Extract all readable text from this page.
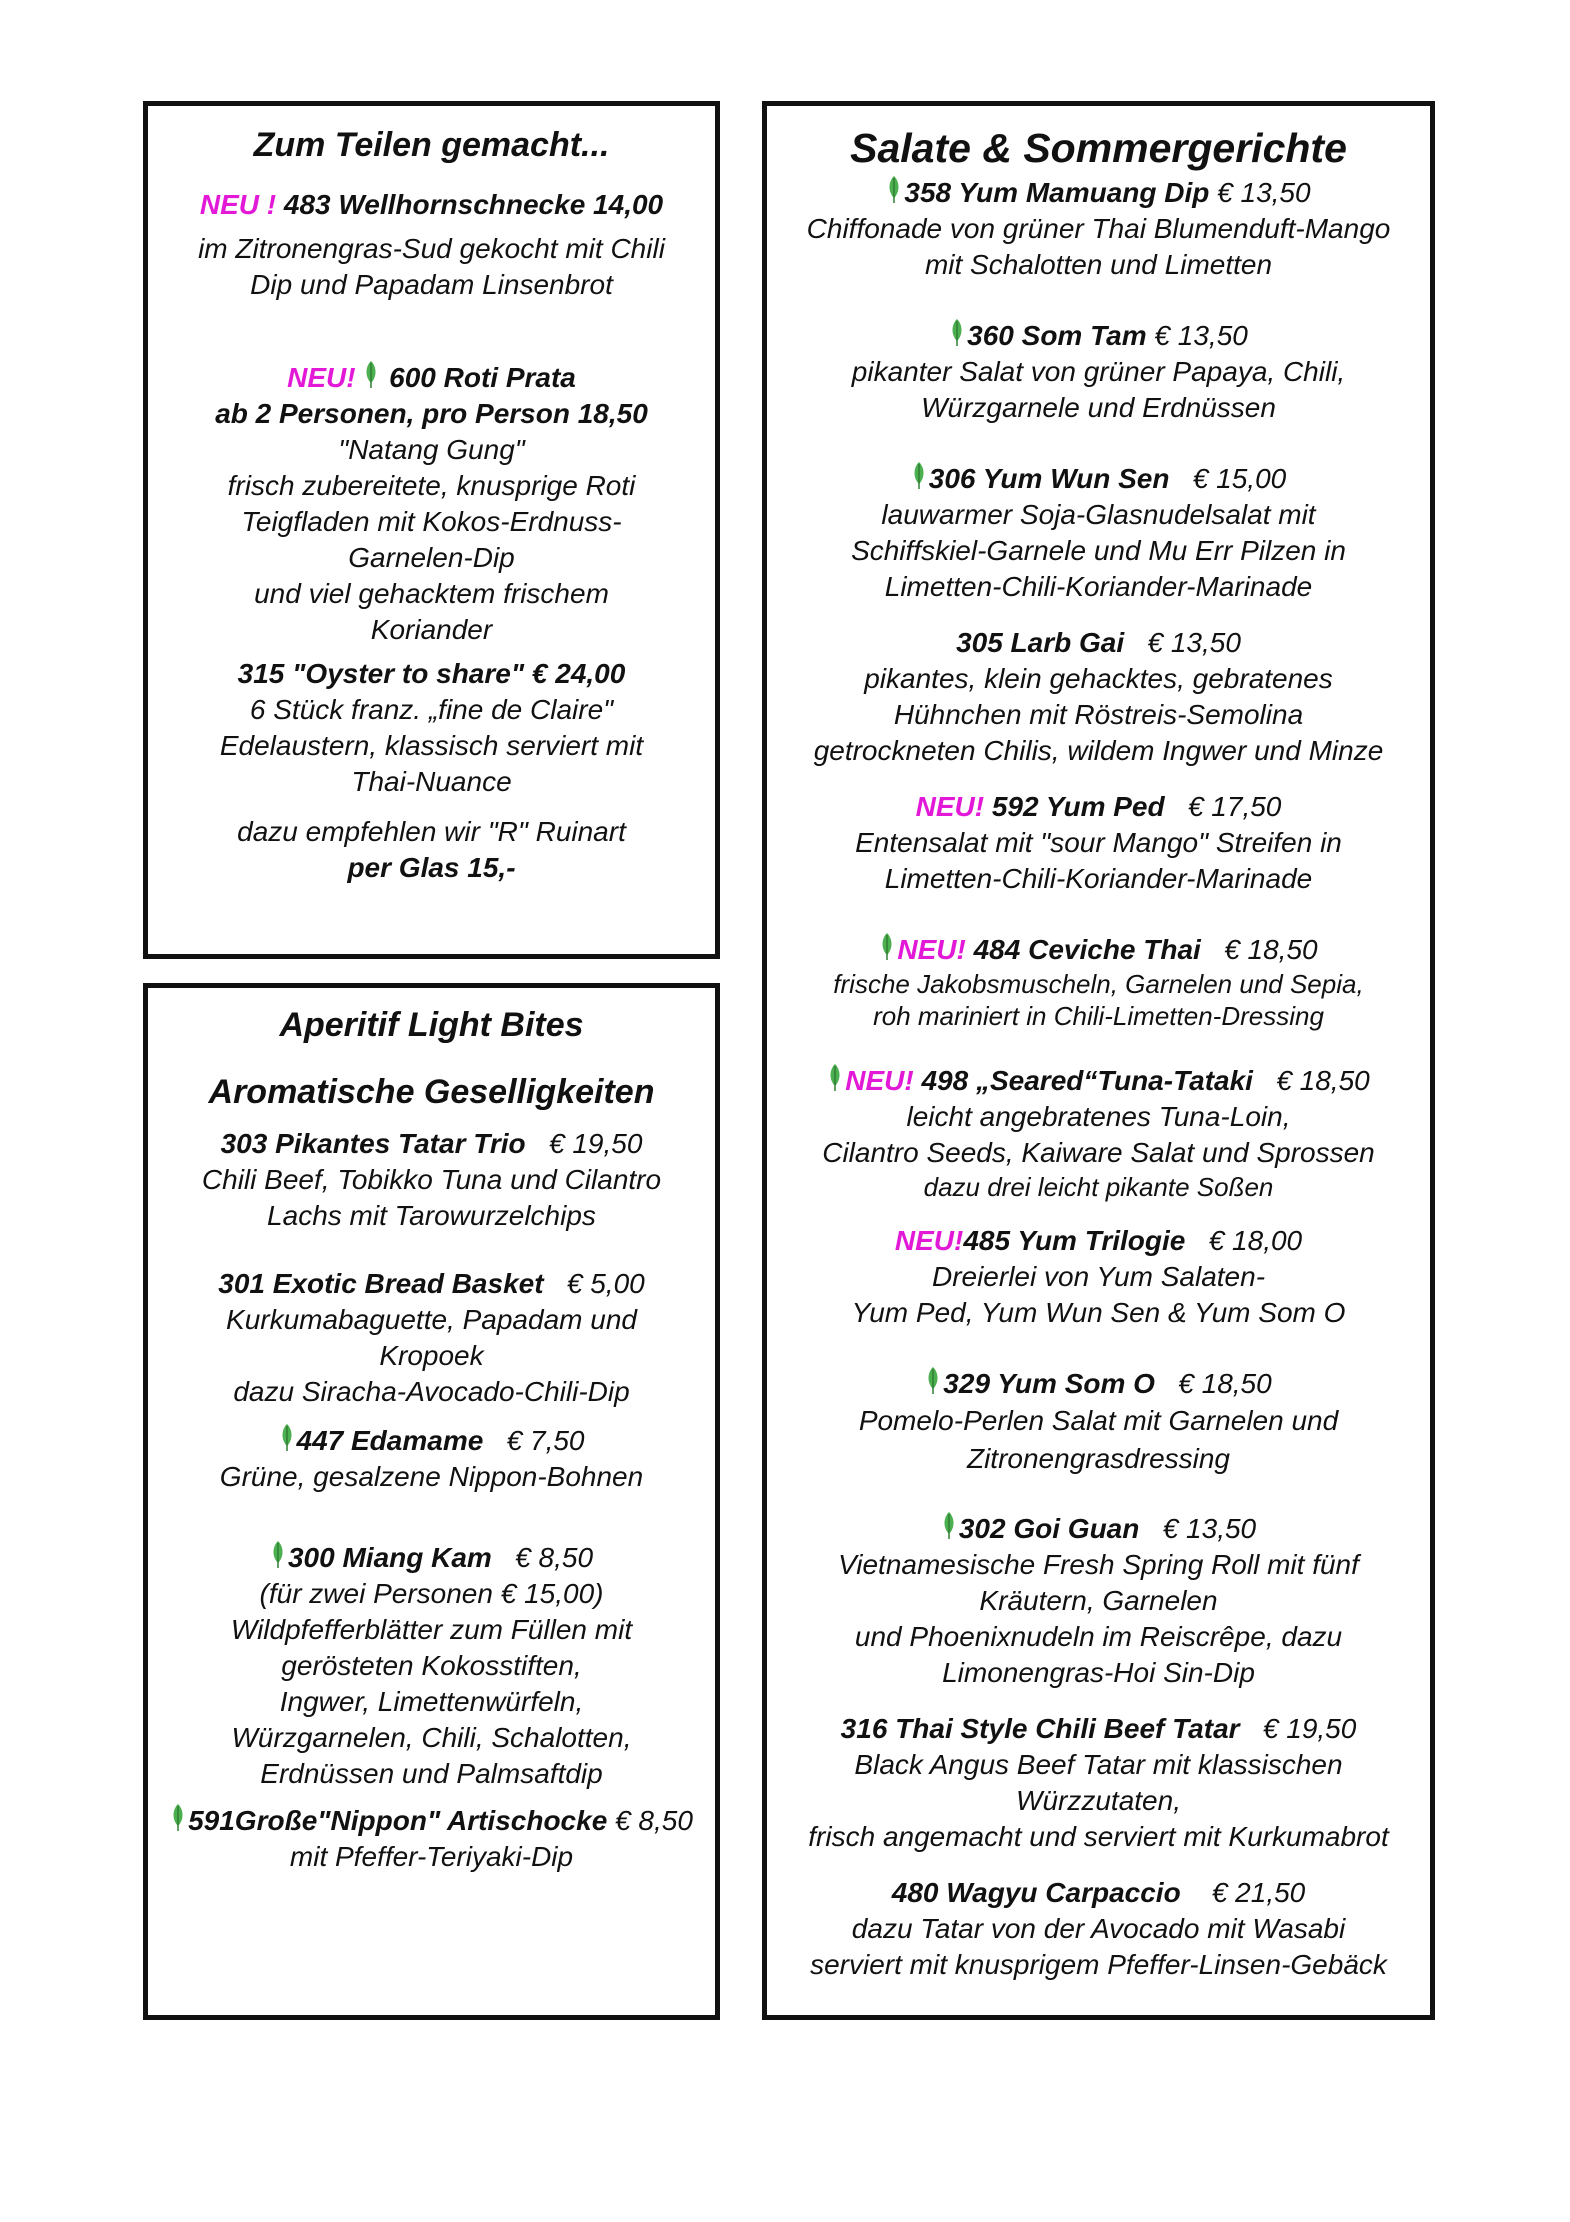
Zum Teilen gemacht...
NEU ! 483 Wellhornschnecke 14,00
im Zitronengras-Sud gekocht mit Chili
Dip und Papadam Linsenbrot
NEU! 600 Roti Prata
ab 2 Personen, pro Person 18,50
"Natang Gung"
frisch zubereitete, knusprige Roti
Teigfladen mit Kokos-Erdnuss-
Garnelen-Dip
und viel gehacktem frischem
Koriander
315 "Oyster to share" € 24,00
6 Stück franz. „fine de Claire"
Edelaustern, klassisch serviert mit
Thai-Nuance
dazu empfehlen wir "R" Ruinart
per Glas 15,-
Aperitif Light Bites
Aromatische Geselligkeiten
303 Pikantes Tatar Trio € 19,50
Chili Beef, Tobikko Tuna und Cilantro
Lachs mit Tarowurzelchips
301 Exotic Bread Basket € 5,00
Kurkumabaguette, Papadam und
Kropoek
dazu Siracha-Avocado-Chili-Dip
447 Edamame € 7,50
Grüne, gesalzene Nippon-Bohnen
300 Miang Kam € 8,50
(für zwei Personen € 15,00)
Wildpfefferblätter zum Füllen mit
gerösteten Kokosstiften,
Ingwer, Limettenwürfeln,
Würzgarnelen, Chili, Schalotten,
Erdnüssen und Palmsaftdip
591Große"Nippon" Artischocke € 8,50
mit Pfeffer-Teriyaki-Dip
Salate & Sommergerichte
358 Yum Mamuang Dip € 13,50
Chiffonade von grüner Thai Blumenduft-Mango
mit Schalotten und Limetten
360 Som Tam € 13,50
pikanter Salat von grüner Papaya, Chili,
Würzgarnele und Erdnüssen
306 Yum Wun Sen € 15,00
lauwarmer Soja-Glasnudelsalat mit
Schiffskiel-Garnele und Mu Err Pilzen in
Limetten-Chili-Koriander-Marinade
305 Larb Gai € 13,50
pikantes, klein gehacktes, gebratenes
Hühnchen mit Röstreis-Semolina
getrockneten Chilis, wildem Ingwer und Minze
NEU! 592 Yum Ped € 17,50
Entensalat mit "sour Mango" Streifen in
Limetten-Chili-Koriander-Marinade
NEU! 484 Ceviche Thai € 18,50
frische Jakobsmuscheln, Garnelen und Sepia,
roh mariniert in Chili-Limetten-Dressing
NEU! 498 „Seared“Tuna-Tataki € 18,50
leicht angebratenes Tuna-Loin,
Cilantro Seeds, Kaiware Salat und Sprossen
dazu drei leicht pikante Soßen
NEU!485 Yum Trilogie € 18,00
Dreierlei von Yum Salaten-
Yum Ped, Yum Wun Sen & Yum Som O
329 Yum Som O € 18,50
Pomelo-Perlen Salat mit Garnelen und
Zitronengrasdressing
302 Goi Guan € 13,50
Vietnamesische Fresh Spring Roll mit fünf
Kräutern, Garnelen
und Phoenixnudeln im Reiscrêpe, dazu
Limonengras-Hoi Sin-Dip
316 Thai Style Chili Beef Tatar € 19,50
Black Angus Beef Tatar mit klassischen
Würzzutaten,
frisch angemacht und serviert mit Kurkumabrot
480 Wagyu Carpaccio € 21,50
dazu Tatar von der Avocado mit Wasabi
serviert mit knusprigem Pfeffer-Linsen-Gebäck
